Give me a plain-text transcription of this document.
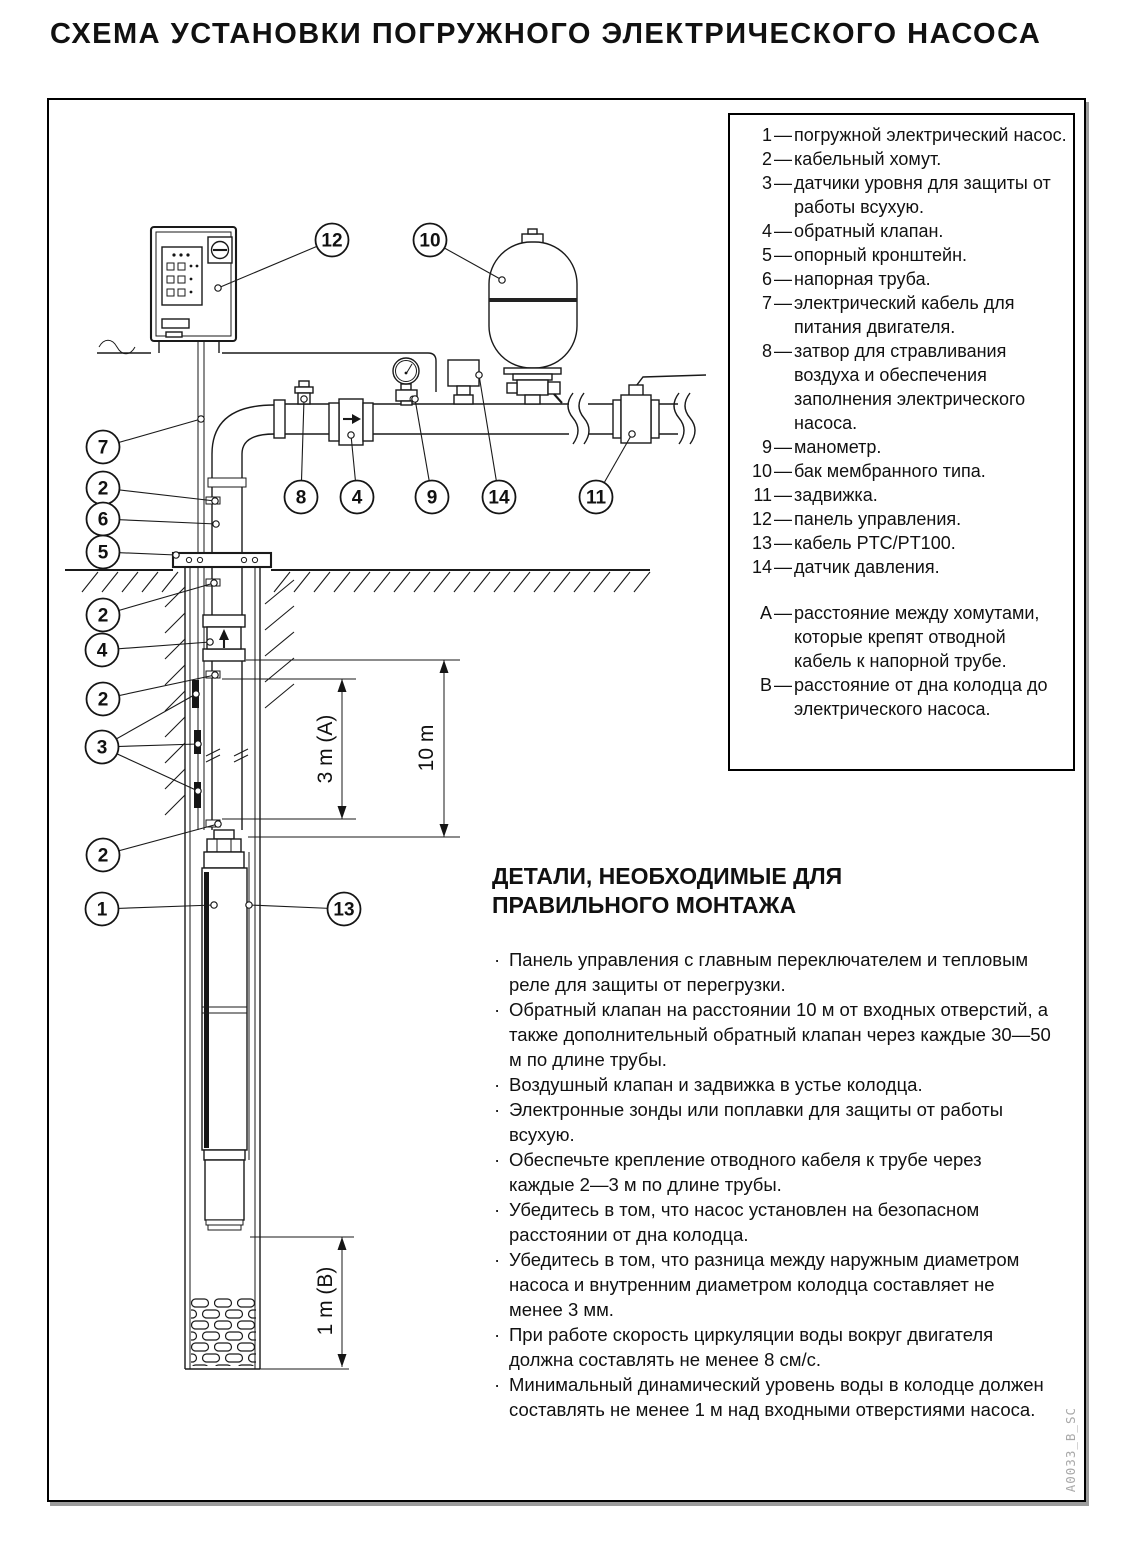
СХЕМА УСТАНОВКИ ПОГРУЖНОГО ЭЛЕКТРИЧЕСКОГО НАСОСА
3 m (A)	10 m
1 m (B)
12	10
7
2
6
5
2
4
2
3
2
1	13
8 4	9	14	11
1 — погружной электрический насос.
2 — кабельный хомут.
3 — датчики уровня для защиты от работы всухую.
4 — обратный клапан.
5 — опорный кронштейн.
6 — напорная труба.
7 — электрический кабель для питания двигателя.
8 — затвор для стравливания воздуха и обеспечения заполнения электрического насоса.
9 — манометр.
10 — бак мембранного типа.
11 — задвижка.
12 — панель управления.
13 — кабель PTC/PT100.
14 — датчик давления.
А — расстояние между хомутами, которые крепят отводной кабель к напорной трубе.
В — расстояние от дна колодца до электрического насоса.
ДЕТАЛИ, НЕОБХОДИМЫЕ ДЛЯ ПРАВИЛЬНОГО МОНТАЖА
· Панель управления с главным переключателем и тепловым реле для защиты от перегрузки.
· Обратный клапан на расстоянии 10 м от входных отверстий, а также дополнительный обратный клапан через каждые 30—50 м по длине трубы.
· Воздушный клапан и задвижка в устье колодца.
· Электронные зонды или поплавки для защиты от работы всухую.
· Обеспечьте крепление отводного кабеля к трубе через каждые 2—3 м по длине трубы.
· Убедитесь в том, что насос установлен на безопасном расстоянии от дна колодца.
· Убедитесь в том, что разница между наружным диаметром насоса и внутренним диаметром колодца составляет не менее 3 мм.
· При работе скорость циркуляции воды вокруг двигателя должна составлять не менее 8 см/с.
· Минимальный динамический уровень воды в колодце должен составлять не менее 1 м над входными отверстиями насоса.	A0033_B_SC
